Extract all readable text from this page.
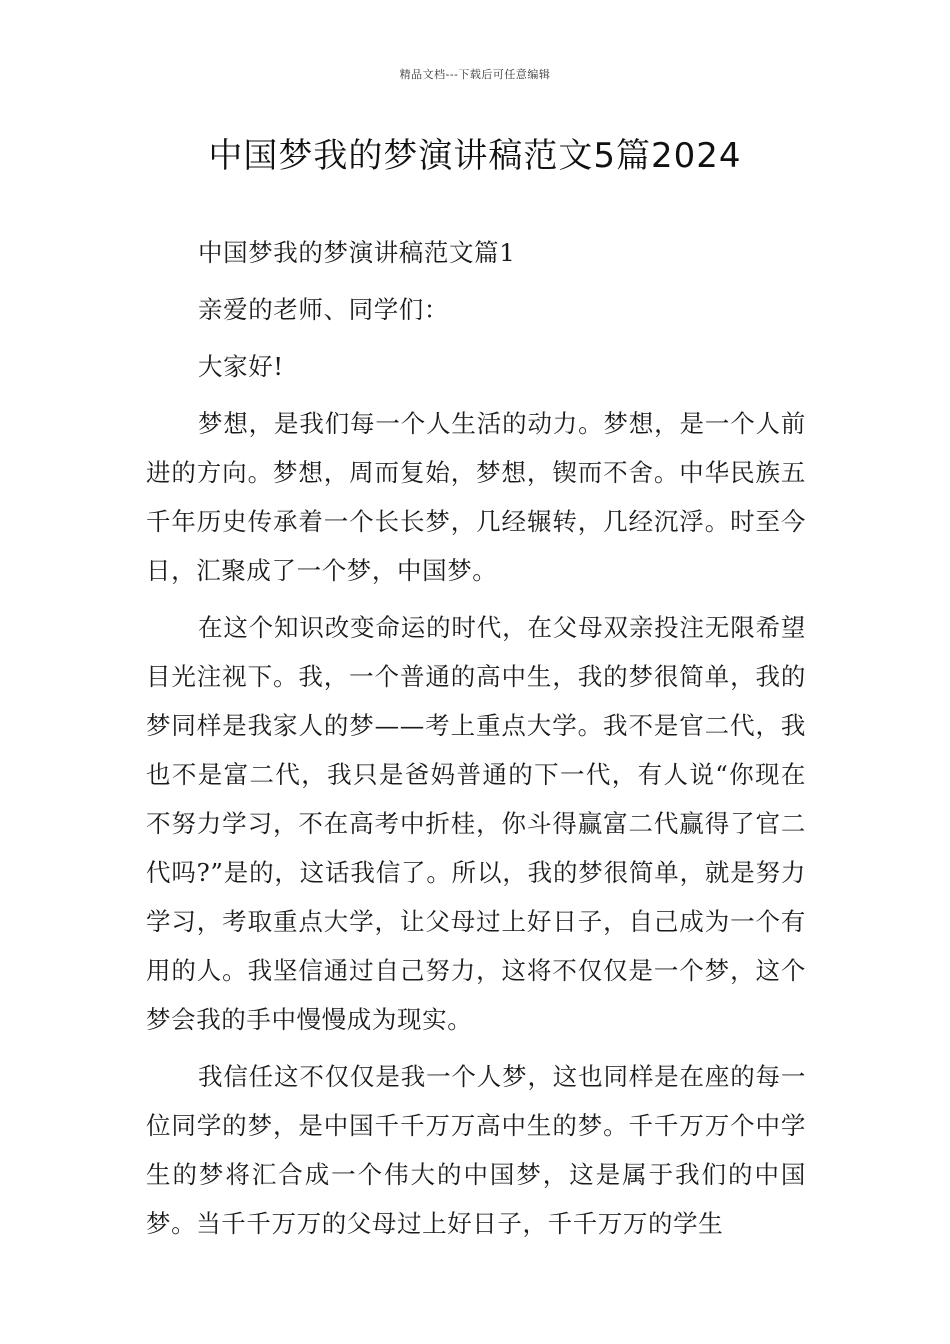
精品文档---下载后可任意编辑
中国梦我的梦演讲稿范文5篇2024

中国梦我的梦演讲稿范文篇1

亲爱的老师、同学们：

大家好!

梦想，是我们每一个人生活的动力。梦想，是一个人前进的方向。梦想，周而复始，梦想，锲而不舍。中华民族五千年历史传承着一个长长梦，几经辗转，几经沉浮。时至今日，汇聚成了一个梦，中国梦。

在这个知识改变命运的时代，在父母双亲投注无限希望目光注视下。我，一个普通的高中生，我的梦很简单，我的梦同样是我家人的梦——考上重点大学。我不是官二代，我也不是富二代，我只是爸妈普通的下一代，有人说“你现在不努力学习，不在高考中折桂，你斗得赢富二代赢得了官二代吗?”是的，这话我信了。所以，我的梦很简单，就是努力学习，考取重点大学，让父母过上好日子，自己成为一个有用的人。我坚信通过自己努力，这将不仅仅是一个梦，这个梦会我的手中慢慢成为现实。

我信任这不仅仅是我一个人梦，这也同样是在座的每一位同学的梦，是中国千千万万高中生的梦。千千万万个中学生的梦将汇合成一个伟大的中国梦，这是属于我们的中国梦。当千千万万的父母过上好日子，千千万万的学生
